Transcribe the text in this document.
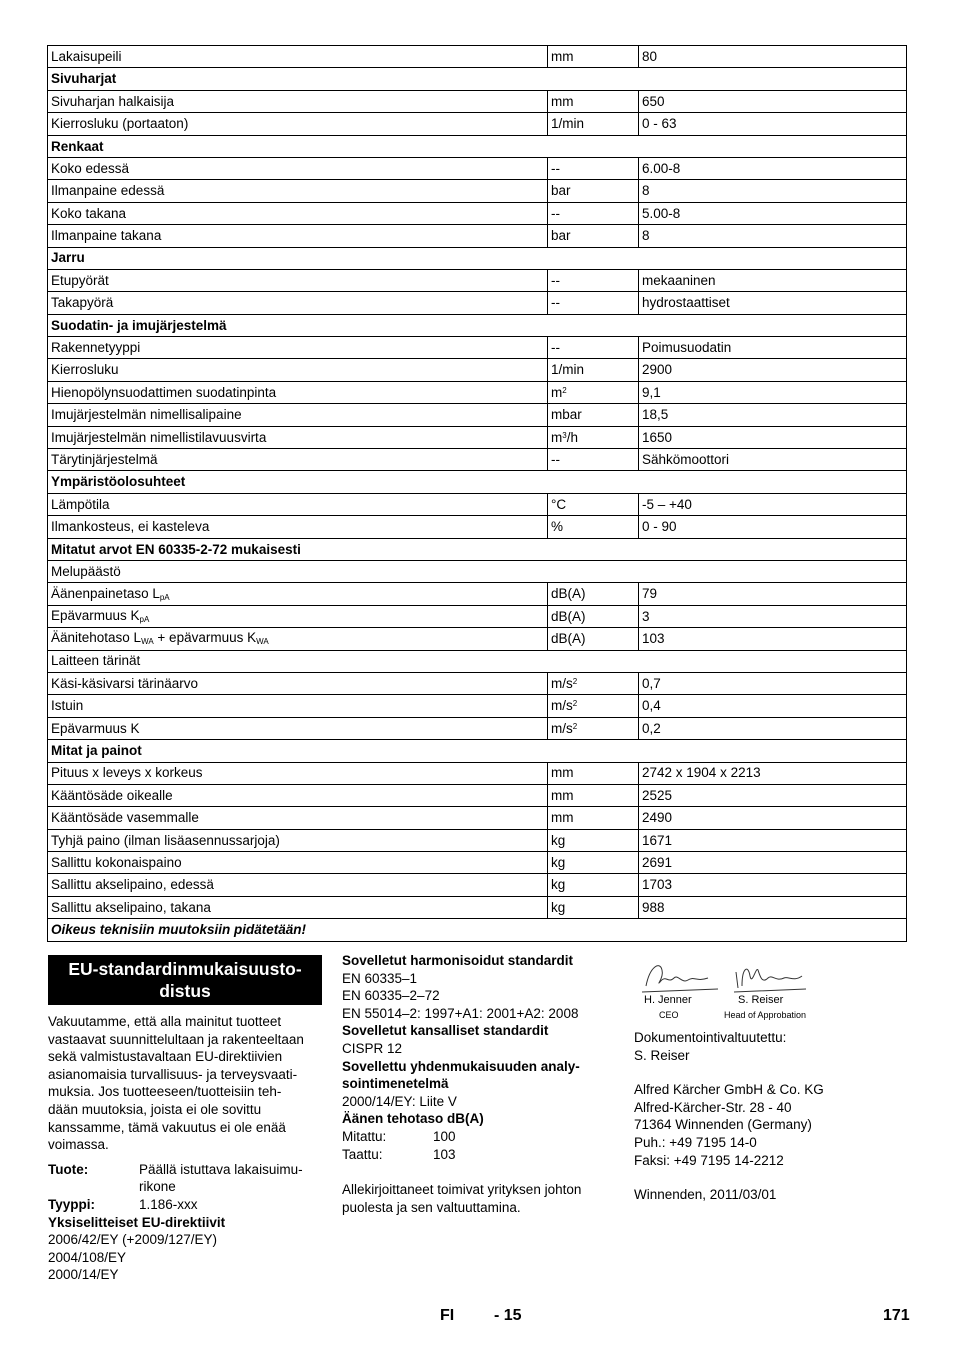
Lakaisupeili	mm	80
Sivuharjat		
Sivuharjan halkaisija	mm	650
Kierrosluku (portaaton)	1/min	0 - 63
Renkaat		
Koko edessä	--	6.00-8
Ilmanpaine edessä	bar	8
Koko takana	--	5.00-8
Ilmanpaine takana	bar	8
Jarru		
Etupyörät	--	mekaaninen
Takapyörä	--	hydrostaattiset
Suodatin- ja imujärjestelmä		
Rakennetyyppi	--	Poimusuodatin
Kierrosluku	1/min	2900
Hienopölynsuodattimen suodatinpinta	$m^2$	9,1
Imujärjestelmän nimellisalipaine	mbar	18,5
Imujärjestelmän nimellistilavuusvirta	$m^3/h$	1650
Tärytinjärjestelmä	--	Sähkömoottori
Ympäristöolosuhteet		
Lämpötila	°C	-5 – +40
Ilmankosteus, ei kasteleva	%	0 - 90
Mitatut arvot EN 60335-2-72 mukaisesti		
Melupäästö		
Äänenpainetaso $L_{pA}$	dB(A)	79
Epävarmuus $K_{pA}$	dB(A)	3
Äänitehotaso $L_{WA}$ + epävarmuus $K_{WA}$	dB(A)	103
Laitteen tärinät		
Käsi-käsivarsi tärinäarvo	$m/s^2$	0,7
Istuin	$m/s^2$	0,4
Epävarmuus K	$m/s^2$	0,2
Mitat ja painot		
Pituus x leveys x korkeus	mm	2742 x 1904 x 2213
Kääntösäde oikealle	mm	2525
Kääntösäde vasemmalle	mm	2490
Tyhjä paino (ilman lisäasennussarjoja)	kg	1671
Sallittu kokonaispaino	kg	2691
Sallittu akselipaino, edessä	kg	1703
Sallittu akselipaino, takana	kg	988
Oikeus teknisiin muutoksiin pidätetään!		
EU-standardinmukaisuusto-
distus
Vakuutamme, että alla mainitut tuotteet
vastaavat suunnittelultaan ja rakenteeltaan
sekä valmistustavaltaan EU-direktiivien
asianomaisia turvallisuus- ja terveysvaati-
muksia. Jos tuotteeseen/tuotteisiin teh-
dään muutoksia, joista ei ole sovittu
kanssamme, tämä vakuutus ei ole enää
voimassa.
Tuote:	Päällä istuttava lakaisuimu-
rikone
Tyyppi:	1.186-xxx
Yksiselitteiset EU-direktiivit
2006/42/EY (+2009/127/EY)
2004/108/EY
2000/14/EY
Sovelletut harmonisoidut standardit
EN 60335–1
EN 60335–2–72
EN 55014–2: 1997+A1: 2001+A2: 2008
Sovelletut kansalliset standardit
CISPR 12
Sovellettu yhdenmukaisuuden analy-
sointimenetelmä
2000/14/EY: Liite V
Äänen tehotaso dB(A)
Mitattu:	100
Taattu:	103
Allekirjoittaneet toimivat yrityksen johton
puolesta ja sen valtuuttamina.
H. Jenner
CEO
S. Reiser
Head of Approbation
Dokumentointivaltuutettu:
S. Reiser
Alfred Kärcher GmbH & Co. KG
Alfred-Kärcher-Str. 28 - 40
71364 Winnenden (Germany)
Puh.: +49 7195 14-0
Faksi: +49 7195 14-2212
Winnenden, 2011/03/01
FI - 15	171
